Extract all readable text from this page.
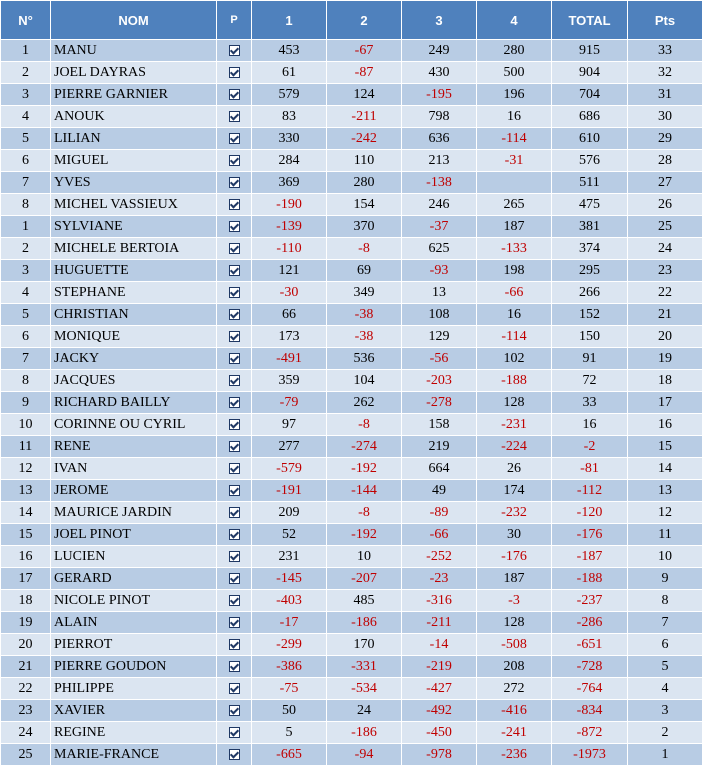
N°	NOM	P	1	2	3	4	TOTAL	Pts
1	MANU		453	-67	249	280	915	33
2	JOEL DAYRAS		61	-87	430	500	904	32
3	PIERRE GARNIER		579	124	-195	196	704	31
4	ANOUK		83	-211	798	16	686	30
5	LILIAN		330	-242	636	-114	610	29
6	MIGUEL		284	110	213	-31	576	28
7	YVES		369	280	-138		511	27
8	MICHEL VASSIEUX		-190	154	246	265	475	26
1	SYLVIANE		-139	370	-37	187	381	25
2	MICHELE BERTOIA		-110	-8	625	-133	374	24
3	HUGUETTE		121	69	-93	198	295	23
4	STEPHANE		-30	349	13	-66	266	22
5	CHRISTIAN		66	-38	108	16	152	21
6	MONIQUE		173	-38	129	-114	150	20
7	JACKY		-491	536	-56	102	91	19
8	JACQUES		359	104	-203	-188	72	18
9	RICHARD BAILLY		-79	262	-278	128	33	17
10	CORINNE OU CYRIL		97	-8	158	-231	16	16
11	RENE		277	-274	219	-224	-2	15
12	IVAN		-579	-192	664	26	-81	14
13	JEROME		-191	-144	49	174	-112	13
14	MAURICE JARDIN		209	-8	-89	-232	-120	12
15	JOEL PINOT		52	-192	-66	30	-176	11
16	LUCIEN		231	10	-252	-176	-187	10
17	GERARD		-145	-207	-23	187	-188	9
18	NICOLE PINOT		-403	485	-316	-3	-237	8
19	ALAIN		-17	-186	-211	128	-286	7
20	PIERROT		-299	170	-14	-508	-651	6
21	PIERRE GOUDON		-386	-331	-219	208	-728	5
22	PHILIPPE		-75	-534	-427	272	-764	4
23	XAVIER		50	24	-492	-416	-834	3
24	REGINE		5	-186	-450	-241	-872	2
25	MARIE-FRANCE		-665	-94	-978	-236	-1973	1
